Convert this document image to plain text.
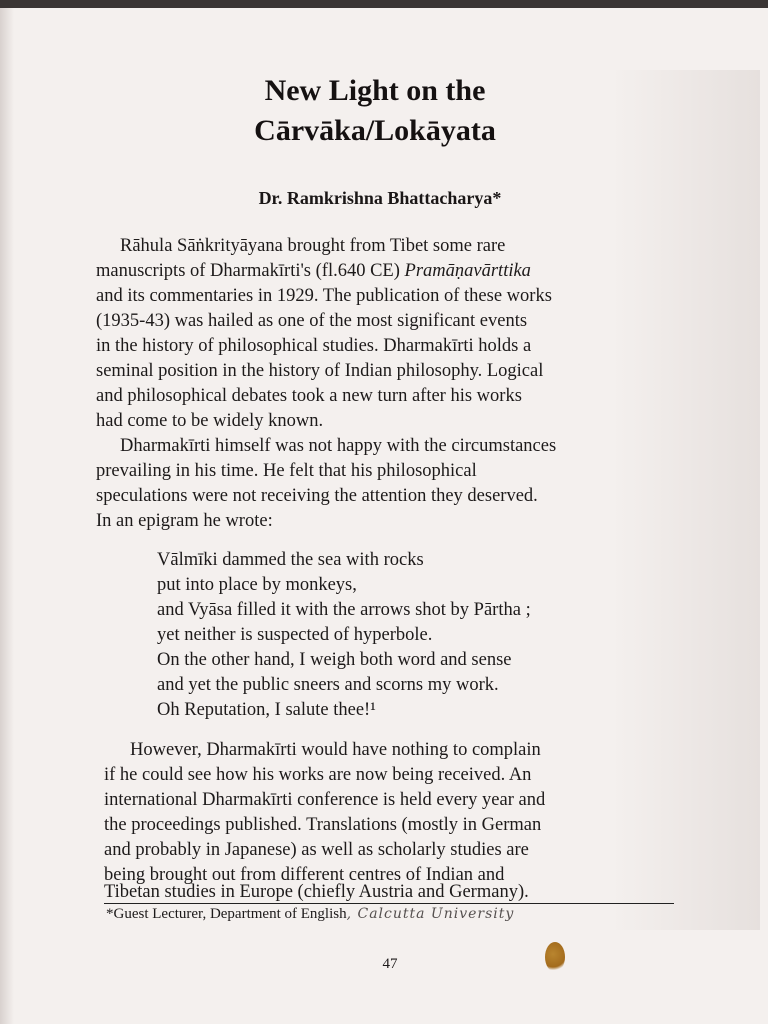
New Light on the
Cārvāka/Lokāyata
Dr. Ramkrishna Bhattacharya*
Rāhula Sāṅkrityāyana brought from Tibet some rare
manuscripts of Dharmakīrti's (fl.640 CE) Pramāṇavārttika
and its commentaries in 1929. The publication of these works
(1935-43) was hailed as one of the most significant events
in the history of philosophical studies. Dharmakīrti holds a
seminal position in the history of Indian philosophy. Logical
and philosophical debates took a new turn after his works
had come to be widely known.
Dharmakīrti himself was not happy with the circumstances
prevailing in his time. He felt that his philosophical
speculations were not receiving the attention they deserved.
In an epigram he wrote:
Vālmīki dammed the sea with rocks
put into place by monkeys,
and Vyāsa filled it with the arrows shot by Pārtha ;
yet neither is suspected of hyperbole.
On the other hand, I weigh both word and sense
and yet the public sneers and scorns my work.
Oh Reputation, I salute thee!¹
However, Dharmakīrti would have nothing to complain
if he could see how his works are now being received. An
international Dharmakīrti conference is held every year and
the proceedings published. Translations (mostly in German
and probably in Japanese) as well as scholarly studies are
being brought out from different centres of Indian and
Tibetan studies in Europe (chiefly Austria and Germany).
*Guest Lecturer, Department of English, Calcutta University
47
